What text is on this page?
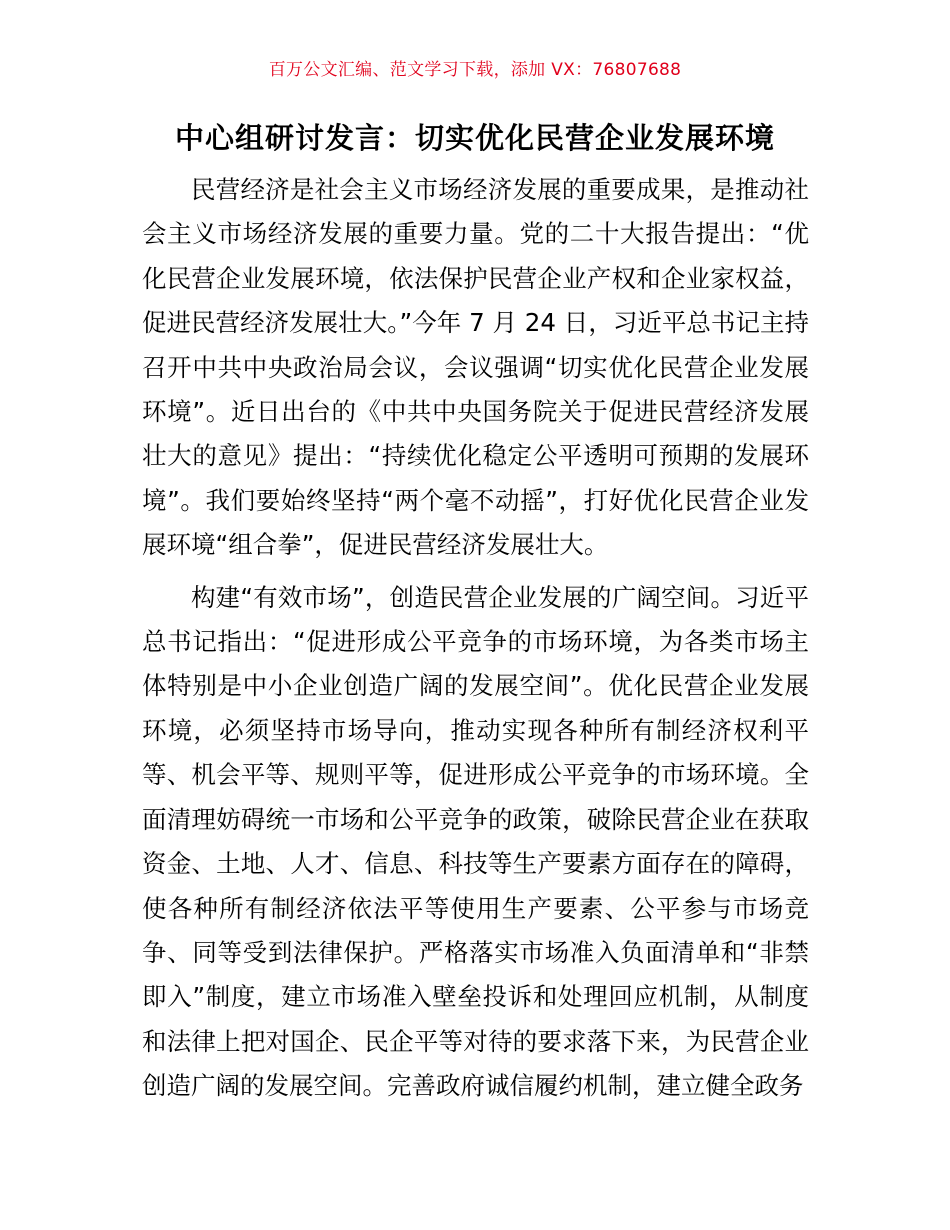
百万公文汇编、范文学习下载，添加 VX：76807688
中心组研讨发言：切实优化民营企业发展环境

民营经济是社会主义市场经济发展的重要成果，是推动社会主义市场经济发展的重要力量。党的二十大报告提出：“优化民营企业发展环境，依法保护民营企业产权和企业家权益，促进民营经济发展壮大。”今年 7 月 24 日，习近平总书记主持召开中共中央政治局会议，会议强调“切实优化民营企业发展环境”。近日出台的《中共中央国务院关于促进民营经济发展壮大的意见》提出：“持续优化稳定公平透明可预期的发展环境”。我们要始终坚持“两个毫不动摇”，打好优化民营企业发展环境“组合拳”，促进民营经济发展壮大。

构建“有效市场”，创造民营企业发展的广阔空间。习近平总书记指出：“促进形成公平竞争的市场环境，为各类市场主体特别是中小企业创造广阔的发展空间”。优化民营企业发展环境，必须坚持市场导向，推动实现各种所有制经济权利平等、机会平等、规则平等，促进形成公平竞争的市场环境。全面清理妨碍统一市场和公平竞争的政策，破除民营企业在获取资金、土地、人才、信息、科技等生产要素方面存在的障碍，使各种所有制经济依法平等使用生产要素、公平参与市场竞争、同等受到法律保护。严格落实市场准入负面清单和“非禁即入”制度，建立市场准入壁垒投诉和处理回应机制，从制度和法律上把对国企、民企平等对待的要求落下来，为民营企业创造广阔的发展空间。完善政府诚信履约机制，建立健全政务
